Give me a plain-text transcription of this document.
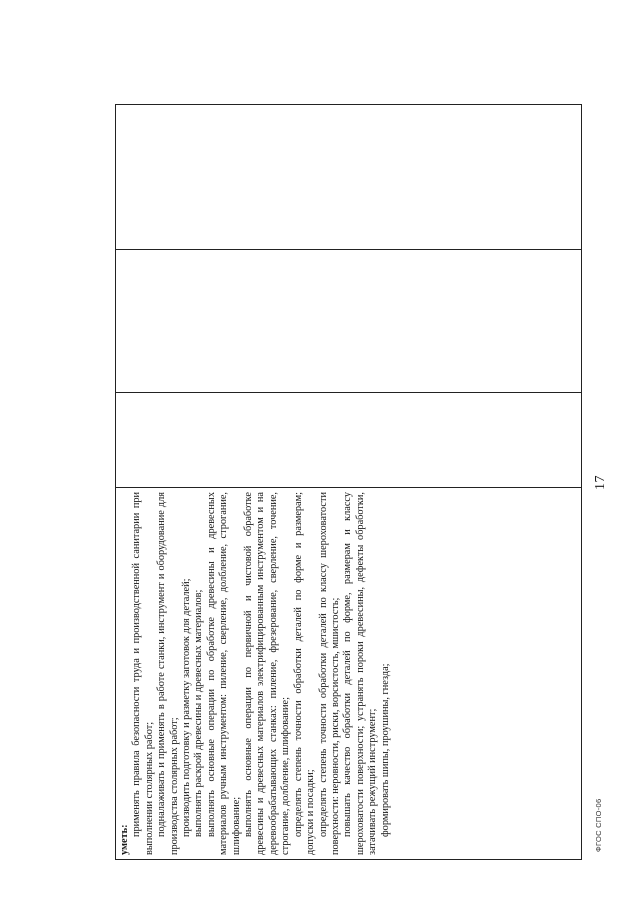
уметь:
применять правила безопасности труда и производственной санитарии при выполнении столярных работ; подналаживать и применять в работе станки, инструмент и оборудование для производства столярных работ; производить подготовку и разметку заготовок для деталей; выполнять раскрой древесины и древесных материалов; выполнять основные операции по обработке древесины и древесных материалов ручным инструментом: пиление, сверление, долбление, строгание, шлифование; выполнять основные операции по первичной и чистовой обработке древесины и древесных материалов электрифицированным инструментом и на деревообрабатывающих станках: пиление, фрезерование, сверление, точение, строгание, долбление, шлифование; определять степень точности обработки деталей по форме и размерам; допуски и посадки; определять степень точности обработки деталей по классу шероховатости поверхности: неровности, риски, ворсистость, мшистость; повышать качество обработки деталей по форме, размерам и классу шероховатости поверхности; устранять пороки древесины, дефекты обработки, затачивать режущий инструмент; формировать шипы, проушины, гнезда;

17
ФГОС СПО-06
